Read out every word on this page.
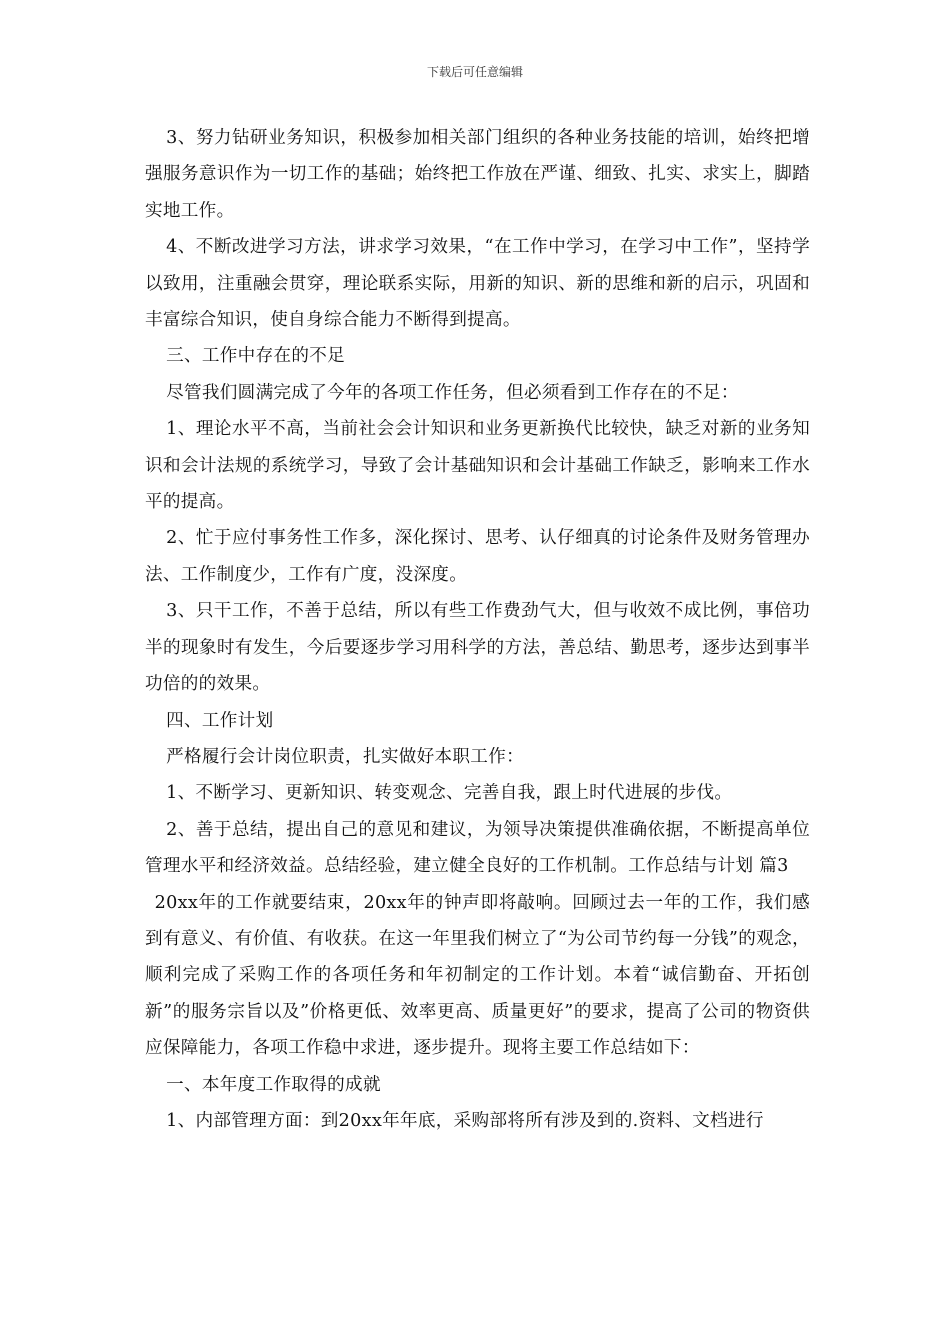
下载后可任意编辑

3、努力钻研业务知识，积极参加相关部门组织的各种业务技能的培训，始终把增强服务意识作为一切工作的基础；始终把工作放在严谨、细致、扎实、求实上，脚踏实地工作。

4、不断改进学习方法，讲求学习效果，“在工作中学习，在学习中工作”，坚持学以致用，注重融会贯穿，理论联系实际，用新的知识、新的思维和新的启示，巩固和丰富综合知识，使自身综合能力不断得到提高。

三、工作中存在的不足

尽管我们圆满完成了今年的各项工作任务，但必须看到工作存在的不足：

1、理论水平不高，当前社会会计知识和业务更新换代比较快，缺乏对新的业务知识和会计法规的系统学习，导致了会计基础知识和会计基础工作缺乏，影响来工作水平的提高。

2、忙于应付事务性工作多，深化探讨、思考、认仔细真的讨论条件及财务管理办法、工作制度少，工作有广度，没深度。

3、只干工作，不善于总结，所以有些工作费劲气大，但与收效不成比例，事倍功半的现象时有发生，今后要逐步学习用科学的方法，善总结、勤思考，逐步达到事半功倍的的效果。

四、工作计划

严格履行会计岗位职责，扎实做好本职工作：

1、不断学习、更新知识、转变观念、完善自我，跟上时代进展的步伐。

2、善于总结，提出自己的意见和建议，为领导决策提供准确依据，不断提高单位管理水平和经济效益。总结经验，建立健全良好的工作机制。工作总结与计划 篇3

20xx年的工作就要结束，20xx年的钟声即将敲响。回顾过去一年的工作，我们感到有意义、有价值、有收获。在这一年里我们树立了“为公司节约每一分钱”的观念，顺利完成了采购工作的各项任务和年初制定的工作计划。本着“诚信勤奋、开拓创新”的服务宗旨以及”价格更低、效率更高、质量更好”的要求，提高了公司的物资供应保障能力，各项工作稳中求进，逐步提升。现将主要工作总结如下：

一、本年度工作取得的成就

1、内部管理方面：到20xx年年底，采购部将所有涉及到的.资料、文档进行
